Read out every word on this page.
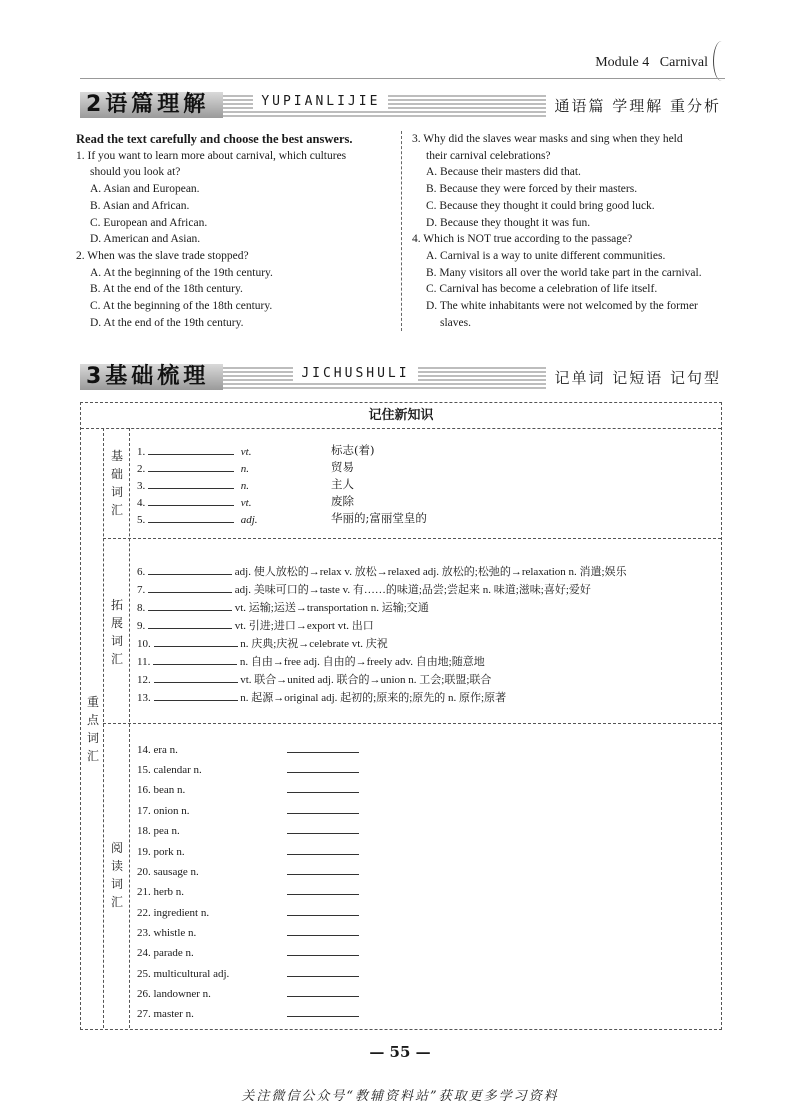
Module 4 Carnival
2语篇理解	YUPIANLIJIE	通语篇 学理解 重分析
Read the text carefully and choose the best answers.
1. If you want to learn more about carnival, which cultures
should you look at?
A. Asian and European.
B. Asian and African.
C. European and African.
D. American and Asian.
2. When was the slave trade stopped?
A. At the beginning of the 19th century.
B. At the end of the 18th century.
C. At the beginning of the 18th century.
D. At the end of the 19th century.
3. Why did the slaves wear masks and sing when they held
their carnival celebrations?
A. Because their masters did that.
B. Because they were forced by their masters.
C. Because they thought it could bring good luck.
D. Because they thought it was fun.
4. Which is NOT true according to the passage?
A. Carnival is a way to unite different communities.
B. Many visitors all over the world take part in the carnival.
C. Carnival has become a celebration of life itself.
D. The white inhabitants were not welcomed by the former
slaves.
3基础梳理	JICHUSHULI	记单词 记短语 记句型
记住新知识
重
点
词
汇
基
础
词
汇
拓
展
词
汇
阅
读
词
汇
1.	vt.	标志(着)
2.	n.	贸易
3.	n.	主人
4.	vt.	废除
5.	adj.	华丽的;富丽堂皇的
6.	adj. 使人放松的→relax v. 放松→relaxed adj. 放松的;松弛的→relaxation n. 消遣;娱乐
7.	adj. 美味可口的→taste v. 有……的味道;品尝;尝起来 n. 味道;滋味;喜好;爱好
8.	vt. 运输;运送→transportation n. 运输;交通
9.	vt. 引进;进口→export vt. 出口
10.	n. 庆典;庆祝→celebrate vt. 庆祝
11.	n. 自由→free adj. 自由的→freely adv. 自由地;随意地
12.	vt. 联合→united adj. 联合的→union n. 工会;联盟;联合
13.	n. 起源→original adj. 起初的;原来的;原先的 n. 原作;原著
14. era n.
15. calendar n.
16. bean n.
17. onion n.
18. pea n.
19. pork n.
20. sausage n.
21. herb n.
22. ingredient n.
23. whistle n.
24. parade n.
25. multicultural adj.
26. landowner n.
27. master n.
— 55 —
关注微信公众号“教辅资料站”获取更多学习资料
